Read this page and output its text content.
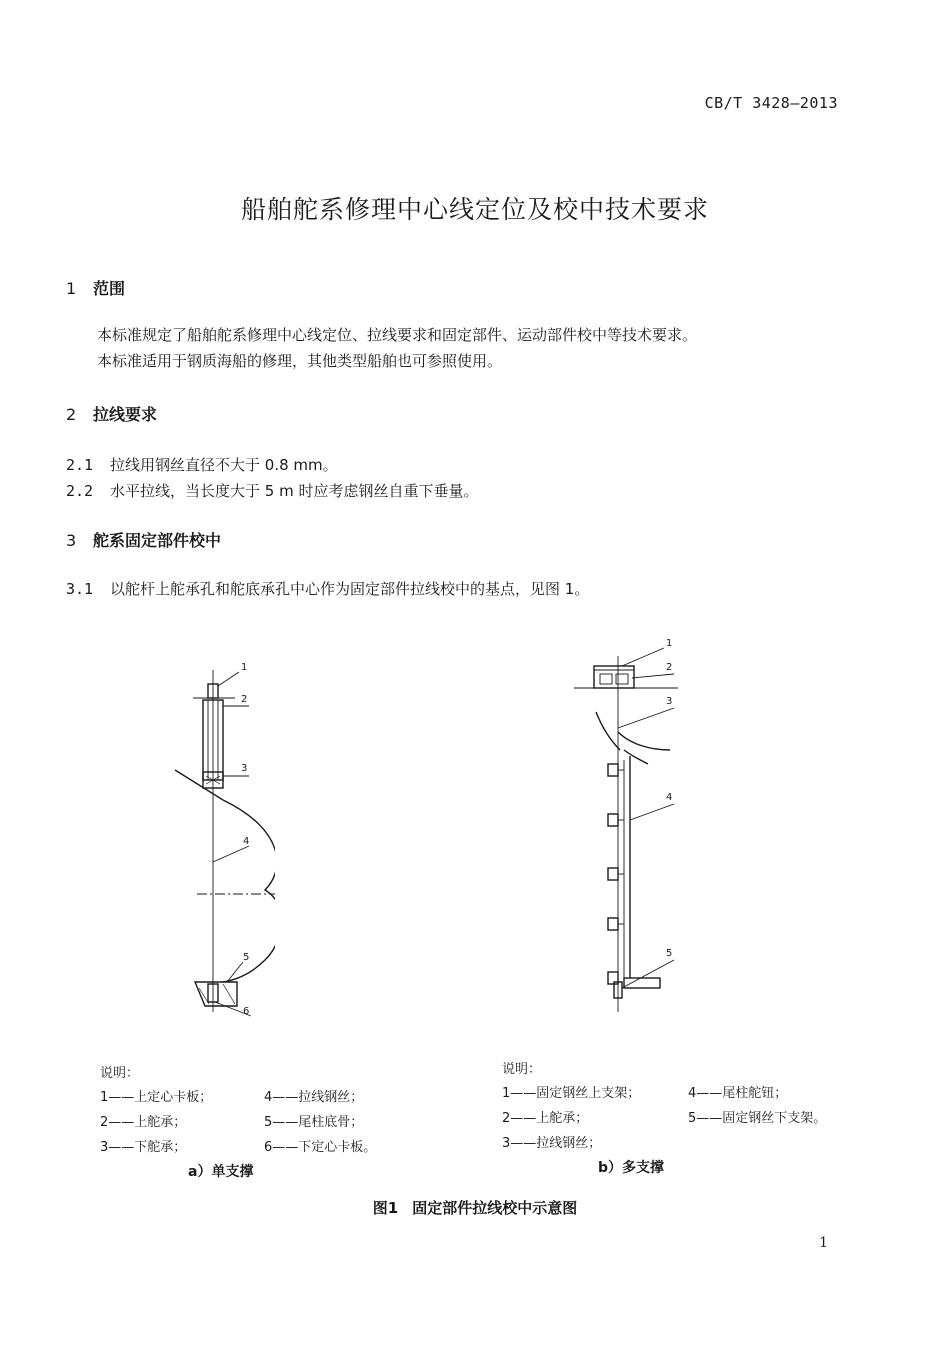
CB/T 3428—2013
船舶舵系修理中心线定位及校中技术要求
1 范围
本标准规定了船舶舵系修理中心线定位、拉线要求和固定部件、运动部件校中等技术要求。
本标准适用于钢质海船的修理，其他类型船舶也可参照使用。
2 拉线要求
2.1 拉线用钢丝直径不大于 0.8 mm。
2.2 水平拉线，当长度大于 5 m 时应考虑钢丝自重下垂量。
3 舵系固定部件校中
3.1 以舵杆上舵承孔和舵底承孔中心作为固定部件拉线校中的基点，见图 1。
1
2
3
4
5
6
1
2
3
4
5
说明：
1——上定心卡板；
2——上舵承；
3——下舵承；
4——拉线钢丝；
5——尾柱底骨；
6——下定心卡板。
a）单支撑
说明：
1——固定钢丝上支架；
2——上舵承；
3——拉线钢丝；
4——尾柱舵钮；
5——固定钢丝下支架。
b）多支撑
图1 固定部件拉线校中示意图
1
